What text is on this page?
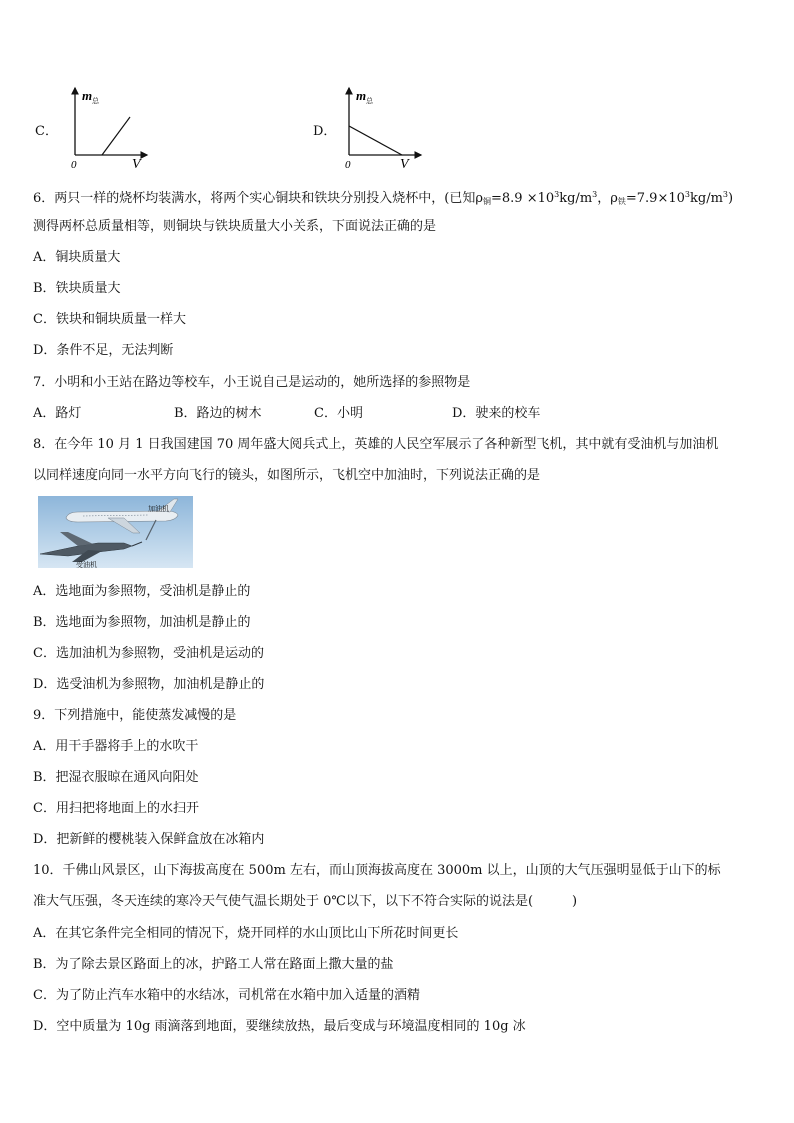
C．
m 总
V
0
D．
m 总
V
0
6．两只一样的烧杯均装满水，将两个实心铜块和铁块分别投入烧杯中，(已知$\rho_铜=8.9 \times 10^3kg/m^3$，$\rho_铁=7.9\times 10^3kg/m^3$)
测得两杯总质量相等，则铜块与铁块质量大小关系，下面说法正确的是
A．铜块质量大
B．铁块质量大
C．铁块和铜块质量一样大
D．条件不足，无法判断
7．小明和小王站在路边等校车，小王说自己是运动的，她所选择的参照物是
A．路灯	B．路边的树木	C．小明	D．驶来的校车
8．在今年 10 月 1 日我国建国 70 周年盛大阅兵式上，英雄的人民空军展示了各种新型飞机，其中就有受油机与加油机
以同样速度向同一水平方向飞行的镜头，如图所示，飞机空中加油时，下列说法正确的是
加油机
受油机
A．选地面为参照物，受油机是静止的
B．选地面为参照物，加油机是静止的
C．选加油机为参照物，受油机是运动的
D．选受油机为参照物，加油机是静止的
9．下列措施中，能使蒸发减慢的是
A．用干手器将手上的水吹干
B．把湿衣服晾在通风向阳处
C．用扫把将地面上的水扫开
D．把新鲜的樱桃装入保鲜盒放在冰箱内
10．千佛山风景区，山下海拔高度在 500m 左右，而山顶海拔高度在 3000m 以上，山顶的大气压强明显低于山下的标
准大气压强，冬天连续的寒冷天气使气温长期处于 0℃以下，以下不符合实际的说法是(　　　)
A．在其它条件完全相同的情况下，烧开同样的水山顶比山下所花时间更长
B．为了除去景区路面上的冰，护路工人常在路面上撒大量的盐
C．为了防止汽车水箱中的水结冰，司机常在水箱中加入适量的酒精
D．空中质量为 10g 雨滴落到地面，要继续放热，最后变成与环境温度相同的 10g 冰
